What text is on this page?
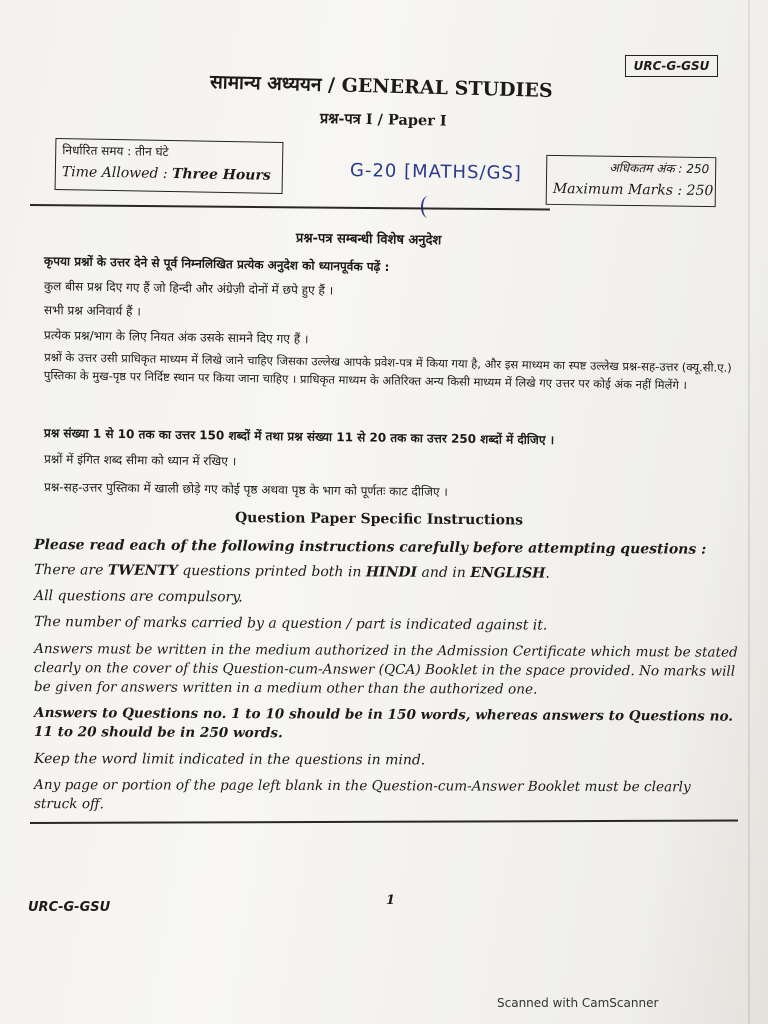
URC-G-GSU
सामान्य अध्ययन / GENERAL STUDIES
प्रश्न-पत्र I / Paper I
निर्धारित समय : तीन घंटे
Time Allowed : Three Hours	G-20 [MATHS/GS]	अधिकतम अंक : 250
Maximum Marks : 250
प्रश्न-पत्र सम्बन्धी विशेष अनुदेश
कृपया प्रश्नों के उत्तर देने से पूर्व निम्नलिखित प्रत्येक अनुदेश को ध्यानपूर्वक पढ़ें :
कुल बीस प्रश्न दिए गए हैं जो हिन्दी और अंग्रेज़ी दोनों में छपे हुए हैं ।
सभी प्रश्न अनिवार्य हैं ।
प्रत्येक प्रश्न/भाग के लिए नियत अंक उसके सामने दिए गए हैं ।
प्रश्नों के उत्तर उसी प्राधिकृत माध्यम में लिखे जाने चाहिए जिसका उल्लेख आपके प्रवेश-पत्र में किया गया है, और इस माध्यम का स्पष्ट उल्लेख प्रश्न-सह-उत्तर (क्यू.सी.ए.) पुस्तिका के मुख-पृष्ठ पर निर्दिष्ट स्थान पर किया जाना चाहिए । प्राधिकृत माध्यम के अतिरिक्त अन्य किसी माध्यम में लिखे गए उत्तर पर कोई अंक नहीं मिलेंगे ।
प्रश्न संख्या 1 से 10 तक का उत्तर 150 शब्दों में तथा प्रश्न संख्या 11 से 20 तक का उत्तर 250 शब्दों में दीजिए ।
प्रश्नों में इंगित शब्द सीमा को ध्यान में रखिए ।
प्रश्न-सह-उत्तर पुस्तिका में खाली छोड़े गए कोई पृष्ठ अथवा पृष्ठ के भाग को पूर्णतः काट दीजिए ।
Question Paper Specific Instructions
Please read each of the following instructions carefully before attempting questions :
There are TWENTY questions printed both in HINDI and in ENGLISH.
All questions are compulsory.
The number of marks carried by a question / part is indicated against it.
Answers must be written in the medium authorized in the Admission Certificate which must be stated clearly on the cover of this Question-cum-Answer (QCA) Booklet in the space provided. No marks will be given for answers written in a medium other than the authorized one.
Answers to Questions no. 1 to 10 should be in 150 words, whereas answers to Questions no. 11 to 20 should be in 250 words.
Keep the word limit indicated in the questions in mind.
Any page or portion of the page left blank in the Question-cum-Answer Booklet must be clearly struck off.
URC-G-GSU	1
Scanned with CamScanner
